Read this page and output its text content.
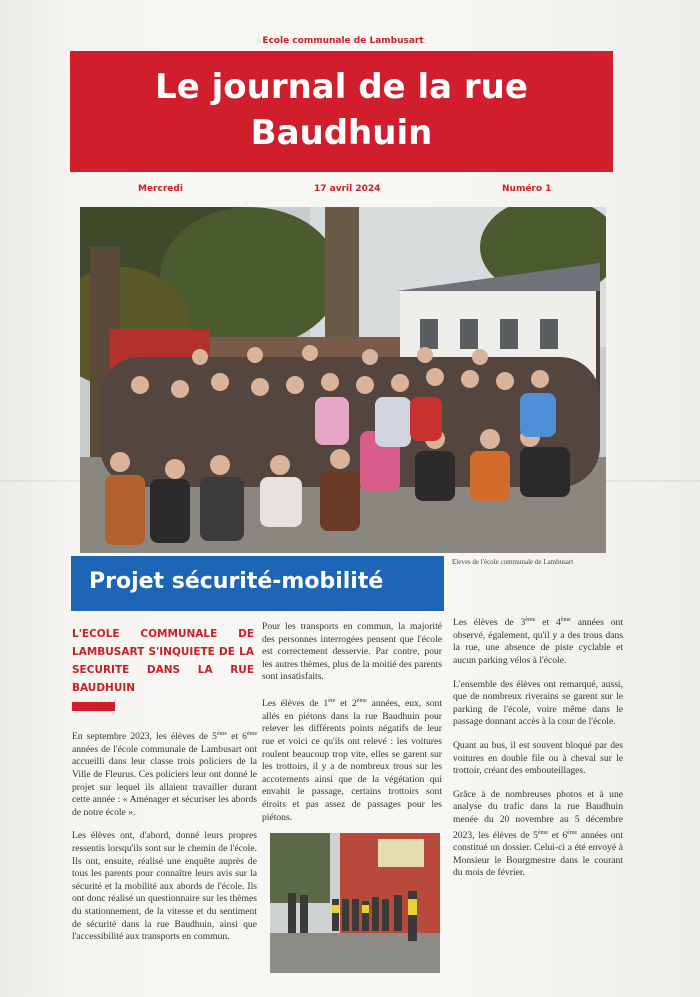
Ecole communale de Lambusart
Le journal de la rue
Baudhuin
Mercredi	17 avril 2024	Numéro 1
Eleves de l'école communale de Lambusart
Projet sécurité-mobilité
L'ECOLE COMMUNALE DE LAMBUSART S'INQUIETE DE LA SECURITE DANS LA RUE BAUDHUIN

En septembre 2023, les élèves de 5ème et 6ème années de l'école communale de Lambusart ont accueilli dans leur classe trois policiers de la Ville de Fleurus. Ces policiers leur ont donné le projet sur lequel ils allaient travailler durant cette année : « Aménager et sécuriser les abords de notre école ».

Les élèves ont, d'abord, donné leurs propres ressentis lorsqu'ils sont sur le chemin de l'école. Ils ont, ensuite, réalisé une enquête auprès de tous les parents pour connaître leurs avis sur la sécurité et la mobilité aux abords de l'école. Ils ont donc réalisé un questionnaire sur les thèmes du stationnement, de la vitesse et du sentiment de sécurité dans la rue Baudhuin, ainsi que l'accessibilité aux transports en commun.

Pour les transports en commun, la majorité des personnes interrogées pensent que l'école est correctement desservie. Par contre, pour les autres thèmes, plus de la moitié des parents sont insatisfaits.

Les élèves de 1ère et 2ème années, eux, sont allés en piétons dans la rue Baudhuin pour relever les différents points négatifs de leur rue et voici ce qu'ils ont relevé : les voitures roulent beaucoup trop vite, elles se garent sur les trottoirs, il y a de nombreux trous sur les accotements ainsi que de la végétation qui envahit le passage, certains trottoirs sont étroits et pas assez de passages pour les piétons.

Les élèves de 3ème et 4ème années ont observé, également, qu'il y a des trous dans la rue, une absence de piste cyclable et aucun parking vélos à l'école.

L'ensemble des élèves ont remarqué, aussi, que de nombreux riverains se garent sur le parking de l'école, voire même dans le passage donnant accès à la cour de l'école.

Quant au bus, il est souvent bloqué par des voitures en double file ou à cheval sur le trottoir, créant des embouteillages.

Grâce à de nombreuses photos et à une analyse du trafic dans la rue Baudhuin menée du 20 novembre au 5 décembre 2023, les élèves de 5ème et 6ème années ont constitué un dossier. Celui-ci a été envoyé à Monsieur le Bourgmestre dans le courant du mois de février.
